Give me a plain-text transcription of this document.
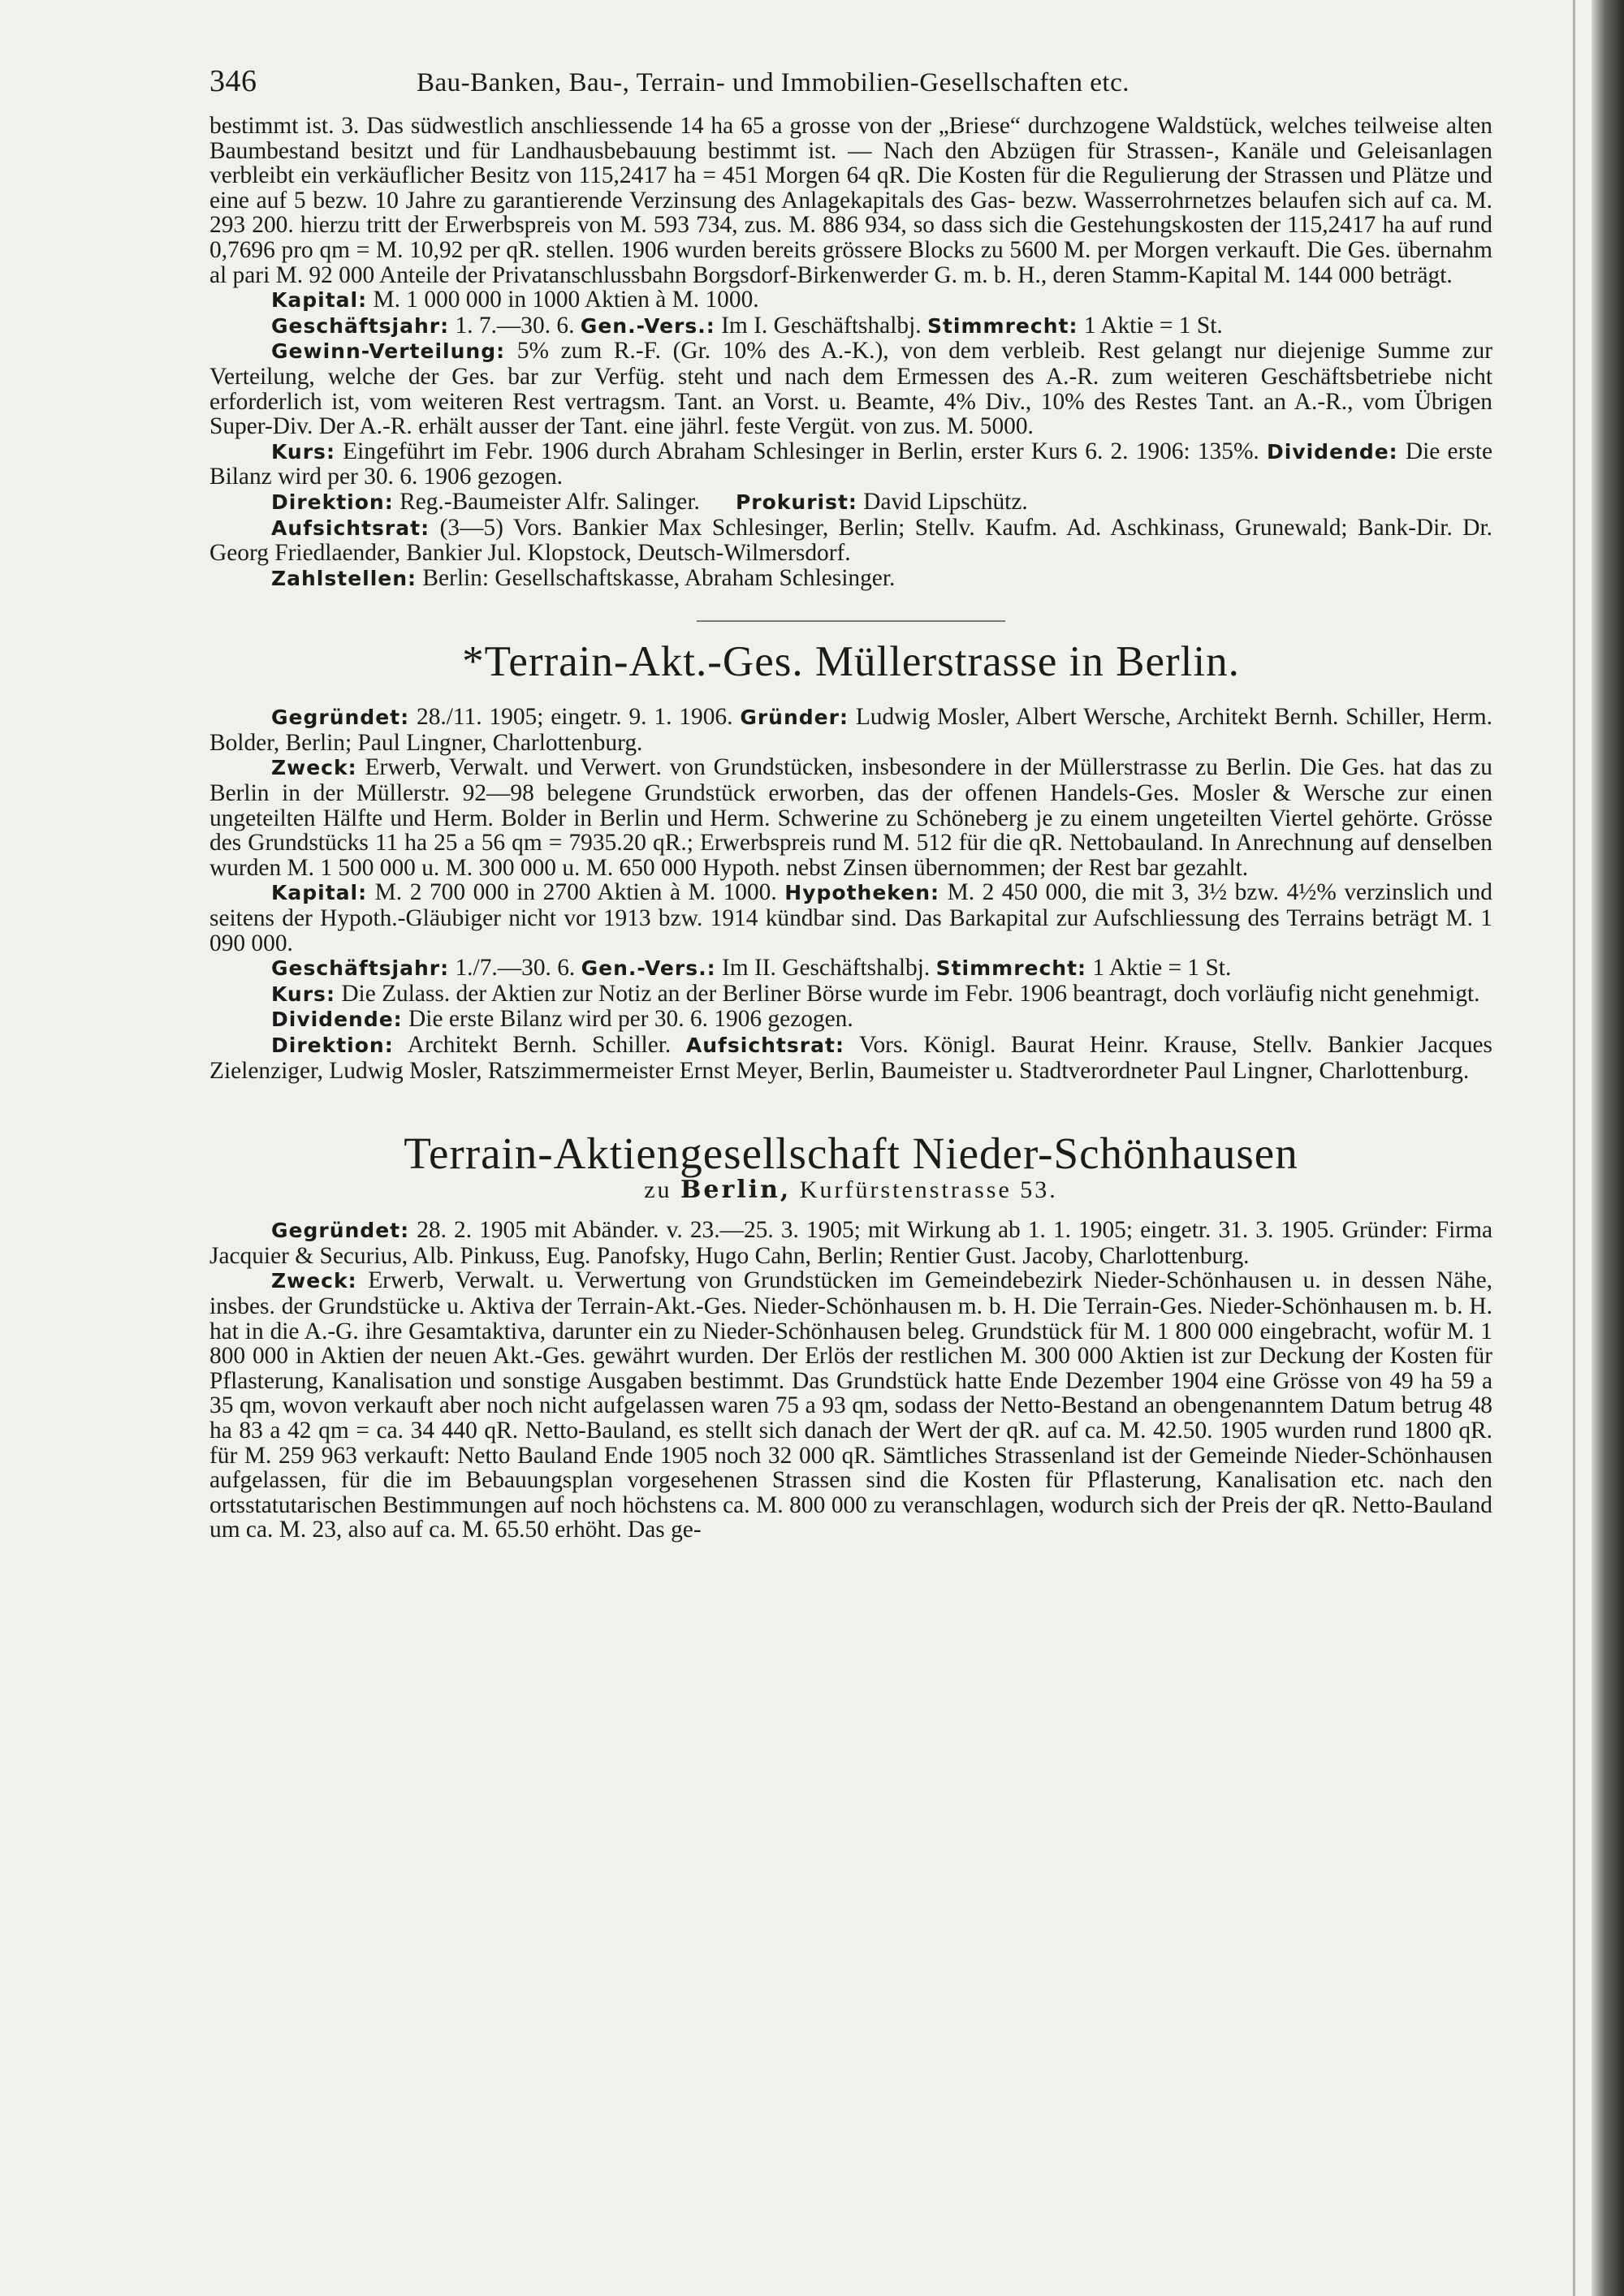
346	Bau-Banken, Bau-, Terrain- und Immobilien-Gesellschaften etc.

bestimmt ist. 3. Das südwestlich anschliessende 14 ha 65 a grosse von der „Briese“ durchzogene Waldstück, welches teilweise alten Baumbestand besitzt und für Landhausbebauung bestimmt ist. — Nach den Abzügen für Strassen-, Kanäle und Geleisanlagen verbleibt ein verkäuflicher Besitz von 115,2417 ha = 451 Morgen 64 qR. Die Kosten für die Regulierung der Strassen und Plätze und eine auf 5 bezw. 10 Jahre zu garantierende Verzinsung des Anlagekapitals des Gas- bezw. Wasserrohrnetzes belaufen sich auf ca. M. 293 200. hierzu tritt der Erwerbspreis von M. 593 734, zus. M. 886 934, so dass sich die Gestehungskosten der 115,2417 ha auf rund 0,7696 pro qm = M. 10,92 per qR. stellen. 1906 wurden bereits grössere Blocks zu 5600 M. per Morgen verkauft. Die Ges. übernahm al pari M. 92 000 Anteile der Privatanschlussbahn Borgsdorf-Birkenwerder G. m. b. H., deren Stamm-Kapital M. 144 000 beträgt.

Kapital: M. 1 000 000 in 1000 Aktien à M. 1000.

Geschäftsjahr: 1. 7.—30. 6. Gen.-Vers.: Im I. Geschäftshalbj. Stimmrecht: 1 Aktie = 1 St.

Gewinn-Verteilung: 5% zum R.-F. (Gr. 10% des A.-K.), von dem verbleib. Rest gelangt nur diejenige Summe zur Verteilung, welche der Ges. bar zur Verfüg. steht und nach dem Ermessen des A.-R. zum weiteren Geschäftsbetriebe nicht erforderlich ist, vom weiteren Rest vertragsm. Tant. an Vorst. u. Beamte, 4% Div., 10% des Restes Tant. an A.-R., vom Übrigen Super-Div. Der A.-R. erhält ausser der Tant. eine jährl. feste Vergüt. von zus. M. 5000.

Kurs: Eingeführt im Febr. 1906 durch Abraham Schlesinger in Berlin, erster Kurs 6. 2. 1906: 135%. Dividende: Die erste Bilanz wird per 30. 6. 1906 gezogen.

Direktion: Reg.-Baumeister Alfr. Salinger. Prokurist: David Lipschütz.

Aufsichtsrat: (3—5) Vors. Bankier Max Schlesinger, Berlin; Stellv. Kaufm. Ad. Aschkinass, Grunewald; Bank-Dir. Dr. Georg Friedlaender, Bankier Jul. Klopstock, Deutsch-Wilmersdorf.

Zahlstellen: Berlin: Gesellschaftskasse, Abraham Schlesinger.

*Terrain-Akt.-Ges. Müllerstrasse in Berlin.

Gegründet: 28./11. 1905; eingetr. 9. 1. 1906. Gründer: Ludwig Mosler, Albert Wersche, Architekt Bernh. Schiller, Herm. Bolder, Berlin; Paul Lingner, Charlottenburg.

Zweck: Erwerb, Verwalt. und Verwert. von Grundstücken, insbesondere in der Müllerstrasse zu Berlin. Die Ges. hat das zu Berlin in der Müllerstr. 92—98 belegene Grundstück erworben, das der offenen Handels-Ges. Mosler & Wersche zur einen ungeteilten Hälfte und Herm. Bolder in Berlin und Herm. Schwerine zu Schöneberg je zu einem ungeteilten Viertel gehörte. Grösse des Grundstücks 11 ha 25 a 56 qm = 7935.20 qR.; Erwerbspreis rund M. 512 für die qR. Nettobauland. In Anrechnung auf denselben wurden M. 1 500 000 u. M. 300 000 u. M. 650 000 Hypoth. nebst Zinsen übernommen; der Rest bar gezahlt.

Kapital: M. 2 700 000 in 2700 Aktien à M. 1000. Hypotheken: M. 2 450 000, die mit 3, 3½ bzw. 4½% verzinslich und seitens der Hypoth.-Gläubiger nicht vor 1913 bzw. 1914 kündbar sind. Das Barkapital zur Aufschliessung des Terrains beträgt M. 1 090 000.

Geschäftsjahr: 1./7.—30. 6. Gen.-Vers.: Im II. Geschäftshalbj. Stimmrecht: 1 Aktie = 1 St.

Kurs: Die Zulass. der Aktien zur Notiz an der Berliner Börse wurde im Febr. 1906 beantragt, doch vorläufig nicht genehmigt.

Dividende: Die erste Bilanz wird per 30. 6. 1906 gezogen.

Direktion: Architekt Bernh. Schiller. Aufsichtsrat: Vors. Königl. Baurat Heinr. Krause, Stellv. Bankier Jacques Zielenziger, Ludwig Mosler, Ratszimmermeister Ernst Meyer, Berlin, Baumeister u. Stadtverordneter Paul Lingner, Charlottenburg.

Terrain-Aktiengesellschaft Nieder-Schönhausen
zu Berlin, Kurfürstenstrasse 53.

Gegründet: 28. 2. 1905 mit Abänder. v. 23.—25. 3. 1905; mit Wirkung ab 1. 1. 1905; eingetr. 31. 3. 1905. Gründer: Firma Jacquier & Securius, Alb. Pinkuss, Eug. Panofsky, Hugo Cahn, Berlin; Rentier Gust. Jacoby, Charlottenburg.

Zweck: Erwerb, Verwalt. u. Verwertung von Grundstücken im Gemeindebezirk Nieder-Schönhausen u. in dessen Nähe, insbes. der Grundstücke u. Aktiva der Terrain-Akt.-Ges. Nieder-Schönhausen m. b. H. Die Terrain-Ges. Nieder-Schönhausen m. b. H. hat in die A.-G. ihre Gesamtaktiva, darunter ein zu Nieder-Schönhausen beleg. Grundstück für M. 1 800 000 eingebracht, wofür M. 1 800 000 in Aktien der neuen Akt.-Ges. gewährt wurden. Der Erlös der restlichen M. 300 000 Aktien ist zur Deckung der Kosten für Pflasterung, Kanalisation und sonstige Ausgaben bestimmt. Das Grundstück hatte Ende Dezember 1904 eine Grösse von 49 ha 59 a 35 qm, wovon verkauft aber noch nicht aufgelassen waren 75 a 93 qm, sodass der Netto-Bestand an obengenanntem Datum betrug 48 ha 83 a 42 qm = ca. 34 440 qR. Netto-Bauland, es stellt sich danach der Wert der qR. auf ca. M. 42.50. 1905 wurden rund 1800 qR. für M. 259 963 verkauft: Netto Bauland Ende 1905 noch 32 000 qR. Sämtliches Strassenland ist der Gemeinde Nieder-Schönhausen aufgelassen, für die im Bebauungsplan vorgesehenen Strassen sind die Kosten für Pflasterung, Kanalisation etc. nach den ortsstatutarischen Bestimmungen auf noch höchstens ca. M. 800 000 zu veranschlagen, wodurch sich der Preis der qR. Netto-Bauland um ca. M. 23, also auf ca. M. 65.50 erhöht. Das ge-
